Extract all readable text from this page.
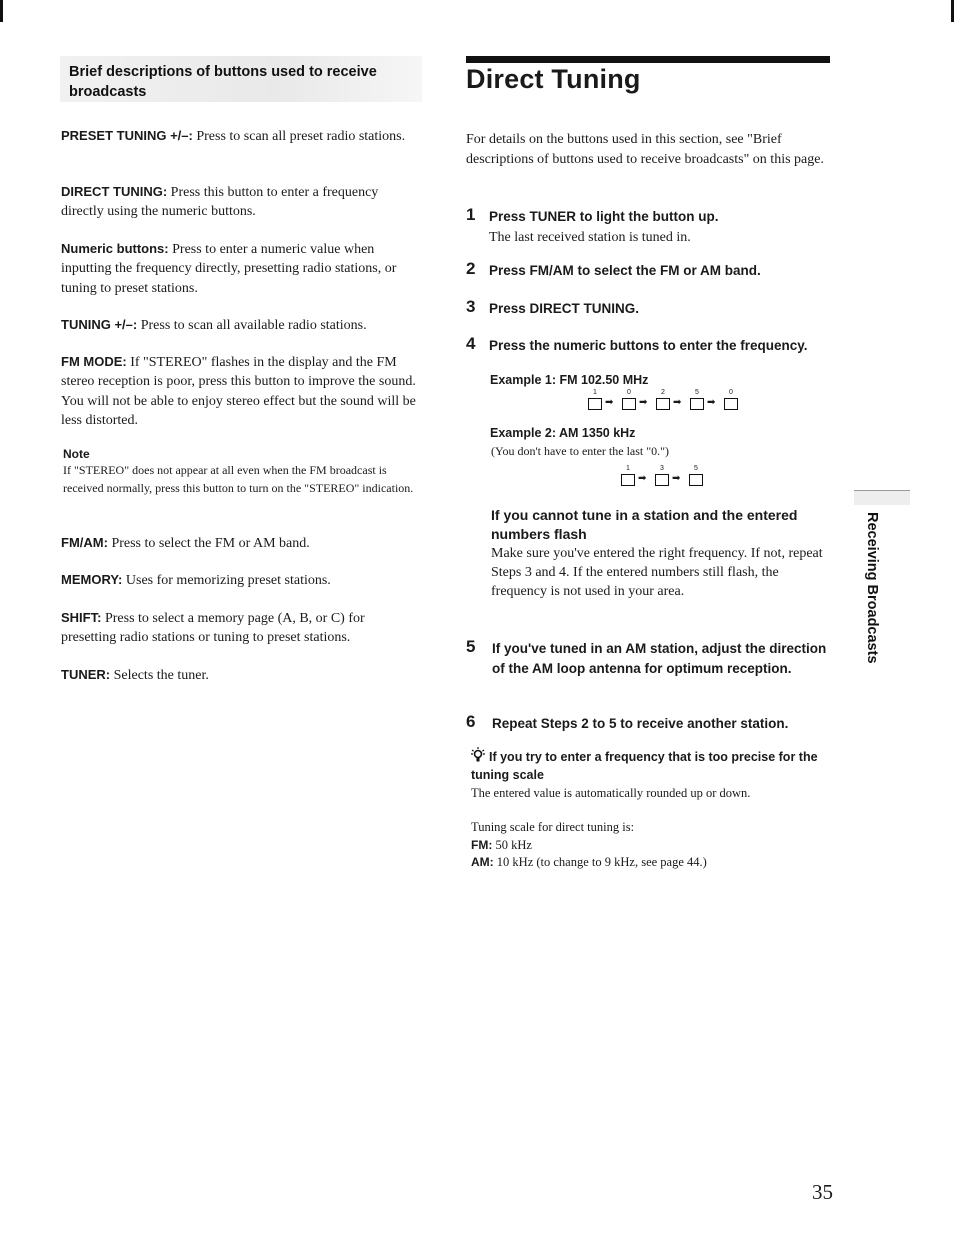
Brief descriptions of buttons used to receive broadcasts
PRESET TUNING +/–: Press to scan all preset radio stations.
DIRECT TUNING: Press this button to enter a frequency directly using the numeric buttons.
Numeric buttons: Press to enter a numeric value when inputting the frequency directly, presetting radio stations, or tuning to preset stations.
TUNING +/–: Press to scan all available radio stations.
FM MODE: If "STEREO" flashes in the display and the FM stereo reception is poor, press this button to improve the sound. You will not be able to enjoy stereo effect but the sound will be less distorted.
Note
If "STEREO" does not appear at all even when the FM broadcast is received normally, press this button to turn on the "STEREO" indication.
FM/AM: Press to select the FM or AM band.
MEMORY: Uses for memorizing preset stations.
SHIFT: Press to select a memory page (A, B, or C) for presetting radio stations or tuning to preset stations.
TUNER: Selects the tuner.
Direct Tuning
For details on the buttons used in this section, see "Brief descriptions of buttons used to receive broadcasts" on this page.
1 Press TUNER to light the button up.
The last received station is tuned in.
2 Press FM/AM to select the FM or AM band.
3 Press DIRECT TUNING.
4 Press the numeric buttons to enter the frequency.
Example 1: FM 102.50 MHz
1
➡
0
➡
2
➡
5
➡
0
Example 2: AM 1350 kHz
(You don't have to enter the last "0.")
1
➡
3
➡
5
If you cannot tune in a station and the entered numbers flash
Make sure you've entered the right frequency. If not, repeat Steps 3 and 4. If the entered numbers still flash, the frequency is not used in your area.
5 If you've tuned in an AM station, adjust the direction of the AM loop antenna for optimum reception.
6 Repeat Steps 2 to 5 to receive another station.
If you try to enter a frequency that is too precise for the tuning scale
The entered value is automatically rounded up or down.
Tuning scale for direct tuning is:
FM: 50 kHz
AM: 10 kHz (to change to 9 kHz, see page 44.)
Receiving Broadcasts
35
